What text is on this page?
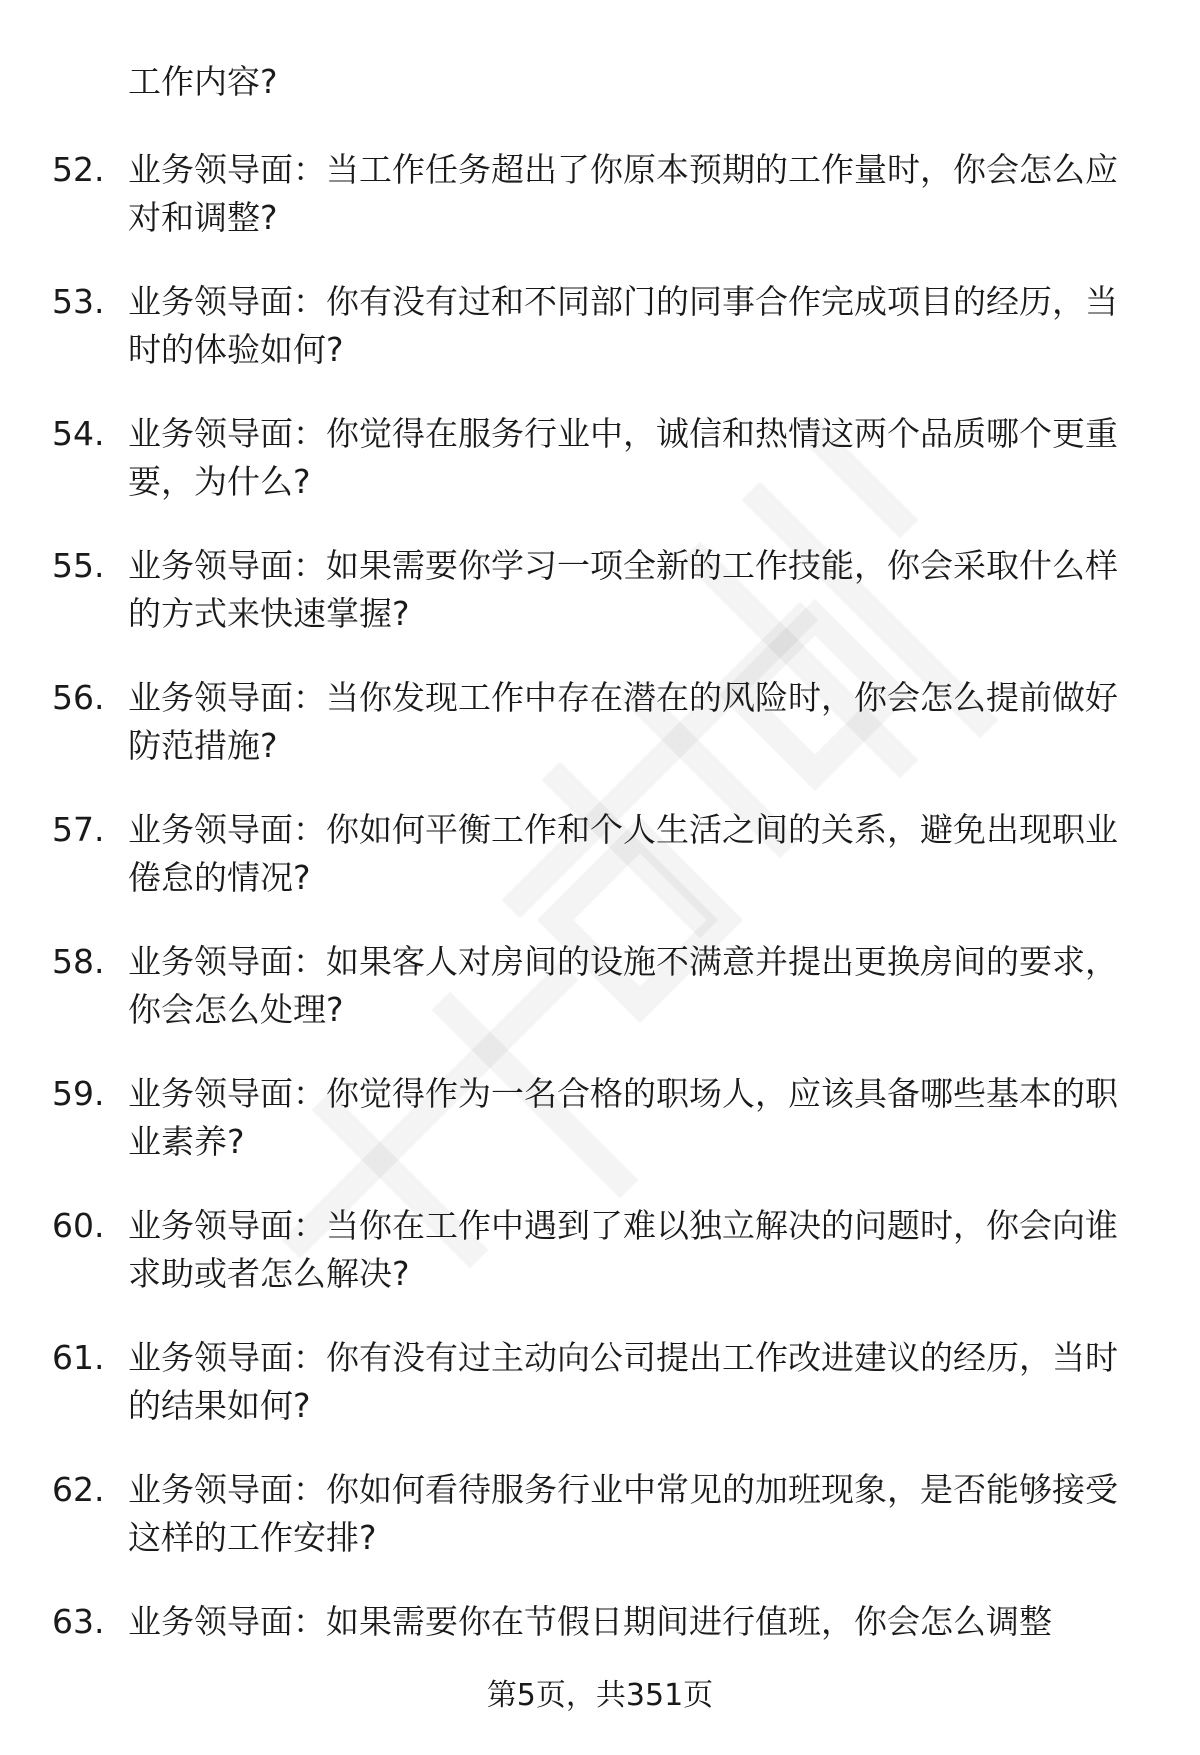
工作内容?
52. 业务领导面：当工作任务超出了你原本预期的工作量时，你会怎么应对和调整?
53. 业务领导面：你有没有过和不同部门的同事合作完成项目的经历，当时的体验如何?
54. 业务领导面：你觉得在服务行业中，诚信和热情这两个品质哪个更重要，为什么?
55. 业务领导面：如果需要你学习一项全新的工作技能，你会采取什么样的方式来快速掌握?
56. 业务领导面：当你发现工作中存在潜在的风险时，你会怎么提前做好防范措施?
57. 业务领导面：你如何平衡工作和个人生活之间的关系，避免出现职业倦怠的情况?
58. 业务领导面：如果客人对房间的设施不满意并提出更换房间的要求，你会怎么处理?
59. 业务领导面：你觉得作为一名合格的职场人，应该具备哪些基本的职业素养?
60. 业务领导面：当你在工作中遇到了难以独立解决的问题时，你会向谁求助或者怎么解决?
61. 业务领导面：你有没有过主动向公司提出工作改进建议的经历，当时的结果如何?
62. 业务领导面：你如何看待服务行业中常见的加班现象，是否能够接受这样的工作安排?
63. 业务领导面：如果需要你在节假日期间进行值班，你会怎么调整
第5页，共351页
